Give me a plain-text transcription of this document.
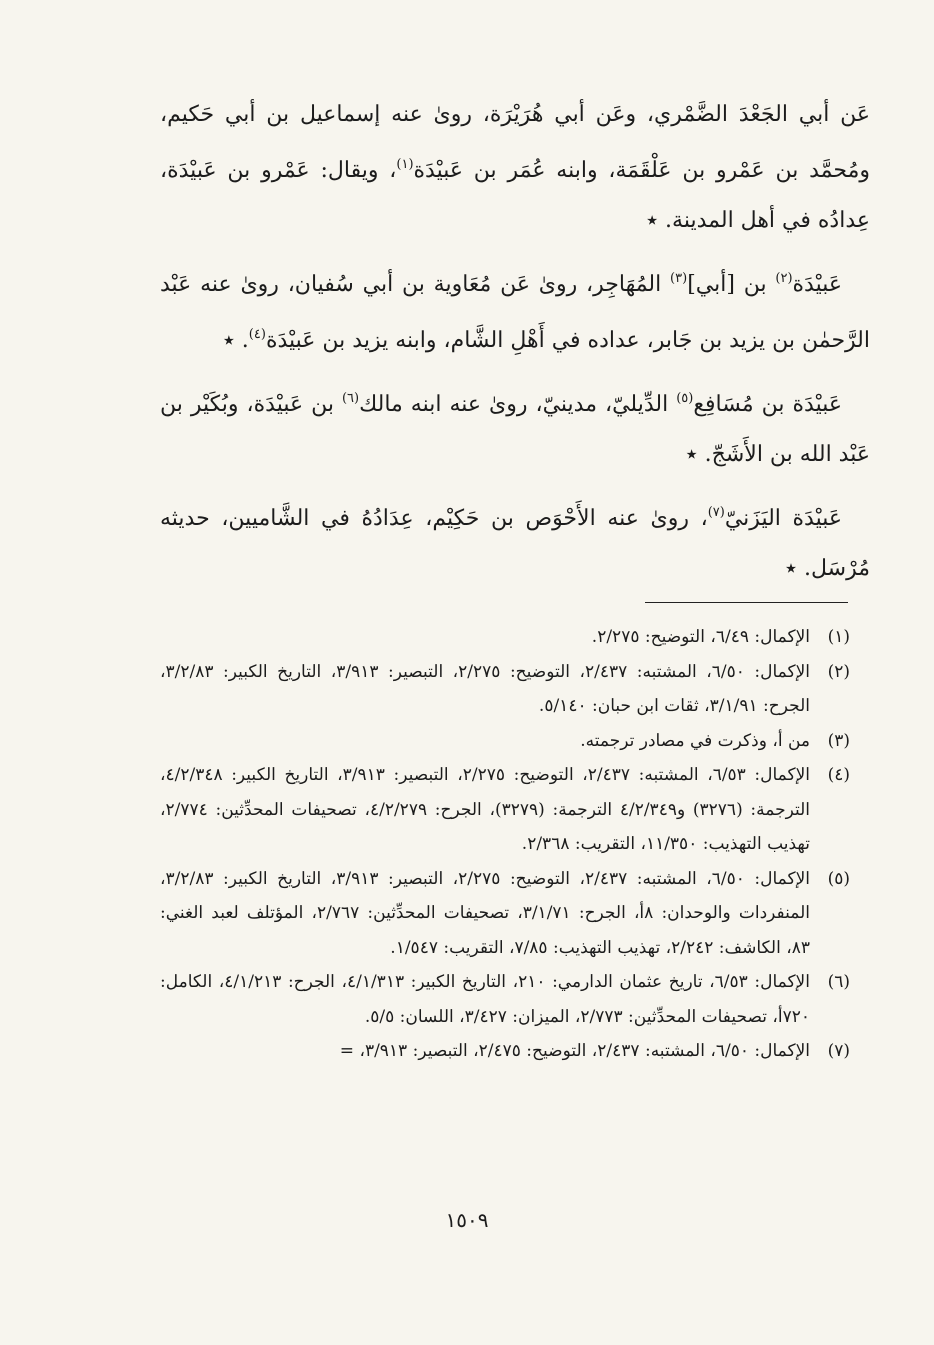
عَن أبي الجَعْدَ الضَّمْري، وعَن أبي هُرَيْرَة، روىٰ عنه إسماعيل بن أبي حَكيم، ومُحمَّد بن عَمْرو بن عَلْقَمَة، وابنه عُمَر بن عَبيْدَة$^{(١)}$، ويقال: عَمْرو بن عَبيْدَة، عِدادُه في أهل المدينة. ٭

عَبيْدَة$^{(٢)}$ بن [أبي]$^{(٣)}$ المُهَاجِر، روىٰ عَن مُعَاوية بن أبي سُفيان، روىٰ عنه عَبْد الرَّحمٰن بن يزيد بن جَابر، عداده في أَهْلِ الشَّام، وابنه يزيد بن عَبيْدَة$^{(٤)}$. ٭

عَبيْدَة بن مُسَافِع$^{(٥)}$ الدِّيليّ، مدينيّ، روىٰ عنه ابنه مالك$^{(٦)}$ بن عَبيْدَة، وبُكَيْر بن عَبْد الله بن الأَشَجّ. ٭

عَبيْدَة اليَزَنيّ$^{(٧)}$، روىٰ عنه الأَحْوَص بن حَكِيْم، عِدَادُهُ في الشَّاميين، حديثه مُرْسَل. ٭

(١)
الإكمال: ٦/٤٩، التوضيح: ٢/٢٧٥.
(٢)
الإكمال: ٦/٥٠، المشتبه: ٢/٤٣٧، التوضيح: ٢/٢٧٥، التبصير: ٣/٩١٣، التاريخ الكبير: ٣/٢/٨٣، الجرح: ٣/١/٩١، ثقات ابن حبان: ٥/١٤٠.
(٣)
من أ، وذكرت في مصادر ترجمته.
(٤)
الإكمال: ٦/٥٣، المشتبه: ٢/٤٣٧، التوضيح: ٢/٢٧٥، التبصير: ٣/٩١٣، التاريخ الكبير: ٤/٢/٣٤٨، الترجمة: (٣٢٧٦) و٤/٢/٣٤٩ الترجمة: (٣٢٧٩)، الجرح: ٤/٢/٢٧٩، تصحيفات المحدِّثين: ٢/٧٧٤، تهذيب التهذيب: ١١/٣٥٠، التقريب: ٢/٣٦٨.
(٥)
الإكمال: ٦/٥٠، المشتبه: ٢/٤٣٧، التوضيح: ٢/٢٧٥، التبصير: ٣/٩١٣، التاريخ الكبير: ٣/٢/٨٣، المنفردات والوحدان: ٨أ، الجرح: ٣/١/٧١، تصحيفات المحدِّثين: ٢/٧٦٧، المؤتلف لعبد الغني: ٨٣، الكاشف: ٢/٢٤٢، تهذيب التهذيب: ٧/٨٥، التقريب: ١/٥٤٧.
(٦)
الإكمال: ٦/٥٣، تاريخ عثمان الدارمي: ٢١٠، التاريخ الكبير: ٤/١/٣١٣، الجرح: ٤/١/٢١٣، الكامل: ٧٢٠أ، تصحيفات المحدِّثين: ٢/٧٧٣، الميزان: ٣/٤٢٧، اللسان: ٥/٥.
(٧)
الإكمال: ٦/٥٠، المشتبه: ٢/٤٣٧، التوضيح: ٢/٤٧٥، التبصير: ٣/٩١٣، =
١٥٠٩
